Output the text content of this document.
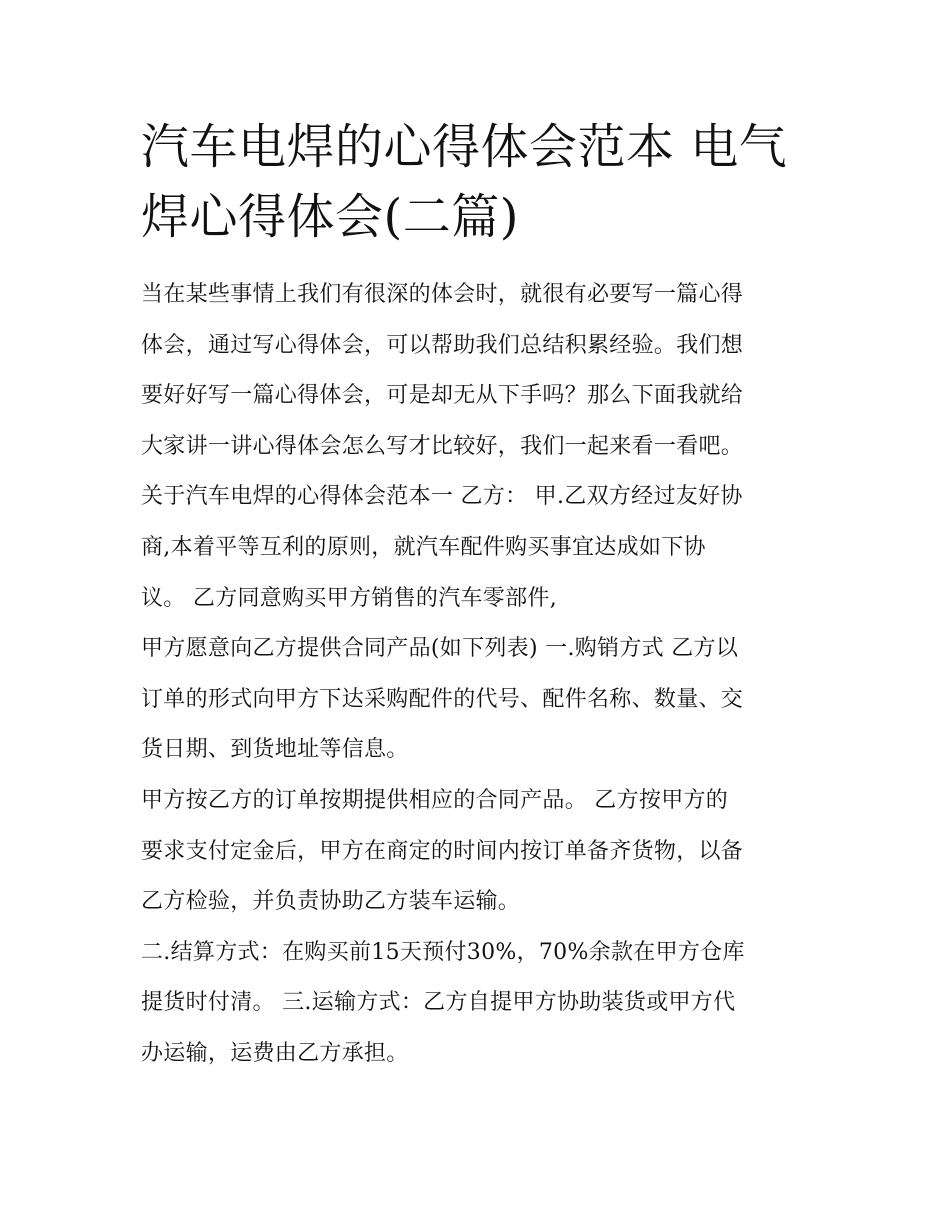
汽车电焊的心得体会范本 电气
焊心得体会(二篇)

当在某些事情上我们有很深的体会时，就很有必要写一篇心得
体会，通过写心得体会，可以帮助我们总结积累经验。我们想
要好好写一篇心得体会，可是却无从下手吗？那么下面我就给
大家讲一讲心得体会怎么写才比较好，我们一起来看一看吧。
关于汽车电焊的心得体会范本一 乙方： 甲.乙双方经过友好协
商,本着平等互利的原则，就汽车配件购买事宜达成如下协
议。 乙方同意购买甲方销售的汽车零部件,

甲方愿意向乙方提供合同产品(如下列表) 一.购销方式 乙方以
订单的形式向甲方下达采购配件的代号、配件名称、数量、交
货日期、到货地址等信息。

甲方按乙方的订单按期提供相应的合同产品。 乙方按甲方的
要求支付定金后，甲方在商定的时间内按订单备齐货物，以备
乙方检验，并负责协助乙方装车运输。

二.结算方式：在购买前15天预付30%，70%余款在甲方仓库
提货时付清。 三.运输方式：乙方自提甲方协助装货或甲方代
办运输，运费由乙方承担。
